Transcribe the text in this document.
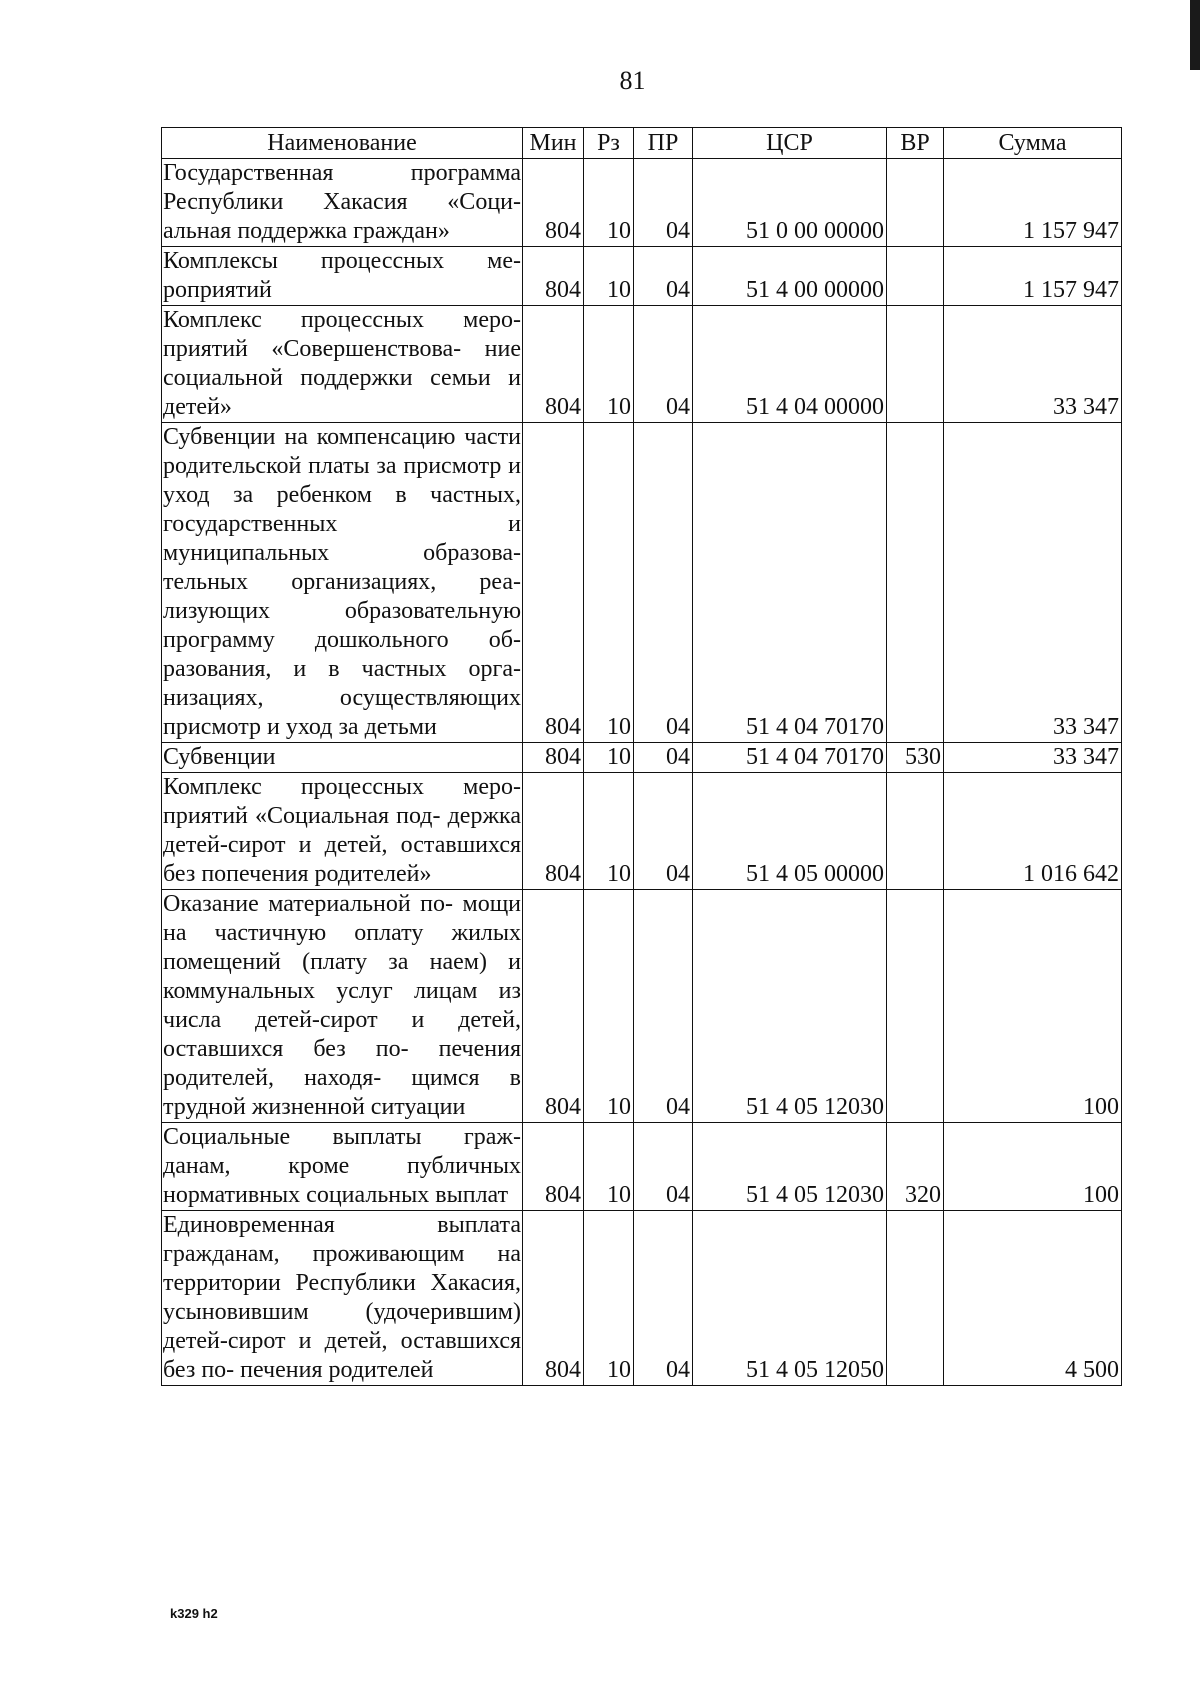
81
Наименование	Мин	Рз	ПР	ЦСР	ВР	Сумма
Государственная программа Республики Хакасия «Соци- альная поддержка граждан»	804	10	04	51 0 00 00000		1 157 947
Комплексы процессных ме- роприятий	804	10	04	51 4 00 00000		1 157 947
Комплекс процессных меро- приятий «Совершенствова- ние социальной поддержки семьи и детей»	804	10	04	51 4 04 00000		33 347
Субвенции на компенсацию части родительской платы за присмотр и уход за ребенком в частных, государственных и муниципальных образова- тельных организациях, реа- лизующих образовательную программу дошкольного об- разования, и в частных орга- низациях, осуществляющих присмотр и уход за детьми	804	10	04	51 4 04 70170		33 347
Субвенции	804	10	04	51 4 04 70170	530	33 347
Комплекс процессных меро- приятий «Социальная под- держка детей-сирот и детей, оставшихся без попечения родителей»	804	10	04	51 4 05 00000		1 016 642
Оказание материальной по- мощи на частичную оплату жилых помещений (плату за наем) и коммунальных услуг лицам из числа детей-сирот и детей, оставшихся без по- печения родителей, находя- щимся в трудной жизненной ситуации	804	10	04	51 4 05 12030		100
Социальные выплаты граж- данам, кроме публичных нормативных социальных выплат	804	10	04	51 4 05 12030	320	100
Единовременная выплата гражданам, проживающим на территории Республики Хакасия, усыновившим (удочерившим) детей-сирот и детей, оставшихся без по- печения родителей	804	10	04	51 4 05 12050		4 500
k329 h2
